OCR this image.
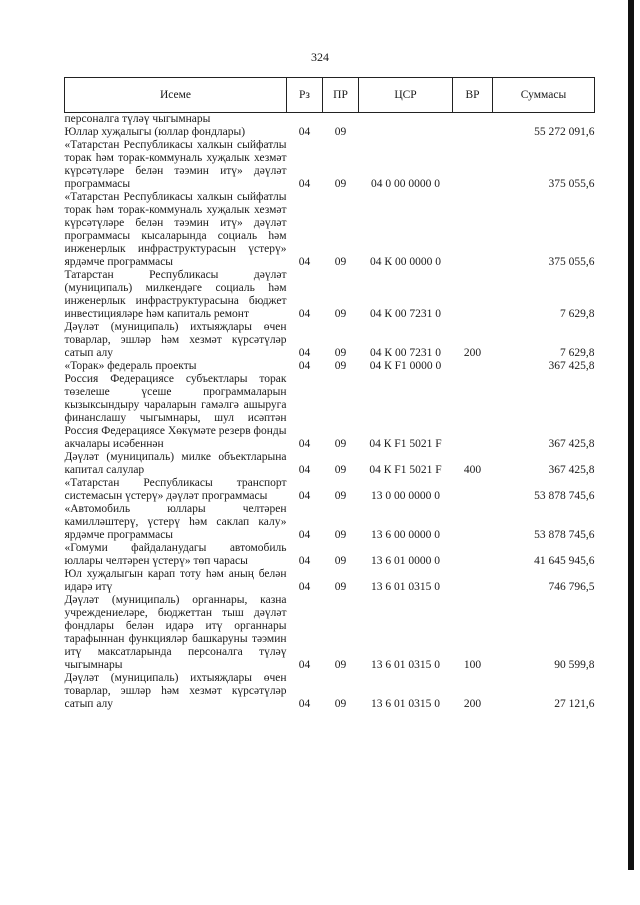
324
Исеме	Рз	ПР	ЦСР	ВР	Суммасы
персоналга түләү чыгымнары					
Юллар хуҗалыгы (юллар фондлары)	04	09			55 272 091,6
«Татарстан Республикасы халкын сыйфатлы торак һәм торак-коммуналь хуҗалык хезмәт күрсәтүләре белән тәэмин итү» дәүләт программасы	04	09	04 0 00 0000 0		375 055,6
«Татарстан Республикасы халкын сыйфатлы торак һәм торак-коммуналь хуҗалык хезмәт күрсәтүләре белән тәэмин итү» дәүләт программасы кысаларында социаль һәм инженерлык инфраструктурасын үстерү» ярдәмче программасы	04	09	04 К 00 0000 0		375 055,6
Татарстан Республикасы дәүләт (муниципаль) милкендәге социаль һәм инженерлык инфраструктурасына бюджет инвестицияләре һәм капиталь ремонт	04	09	04 К 00 7231 0		7 629,8
Дәүләт (муниципаль) ихтыяҗлары өчен товарлар, эшләр һәм хезмәт күрсәтүләр сатып алу	04	09	04 К 00 7231 0	200	7 629,8
«Торак» федераль проекты	04	09	04 К F1 0000 0		367 425,8
Россия Федерациясе субъектлары торак төзелеше үсеше программаларын кызыксындыру чараларын гамәлгә ашыруга финанслашу чыгымнары, шул исәптән Россия Федерациясе Хөкүмәте резерв фонды акчалары исәбеннән	04	09	04 К F1 5021 F		367 425,8
Дәүләт (муниципаль) милке объектларына капитал салулар	04	09	04 К F1 5021 F	400	367 425,8
«Татарстан Республикасы транспорт системасын үстерү» дәүләт программасы	04	09	13 0 00 0000 0		53 878 745,6
«Автомобиль юллары челтәрен камилләштерү, үстерү һәм саклап калу» ярдәмче программасы	04	09	13 6 00 0000 0		53 878 745,6
«Гомуми файдаланудагы автомобиль юллары челтәрен үстерү» төп чарасы	04	09	13 6 01 0000 0		41 645 945,6
Юл хуҗалыгын карап тоту һәм аның белән идарә итү	04	09	13 6 01 0315 0		746 796,5
Дәүләт (муниципаль) органнары, казна учреждениеләре, бюджеттан тыш дәүләт фондлары белән идарә итү органнары тарафыннан функцияләр башкаруны тәэмин итү максатларында персоналга түләү чыгымнары	04	09	13 6 01 0315 0	100	90 599,8
Дәүләт (муниципаль) ихтыяҗлары өчен товарлар, эшләр һәм хезмәт күрсәтүләр сатып алу	04	09	13 6 01 0315 0	200	27 121,6
